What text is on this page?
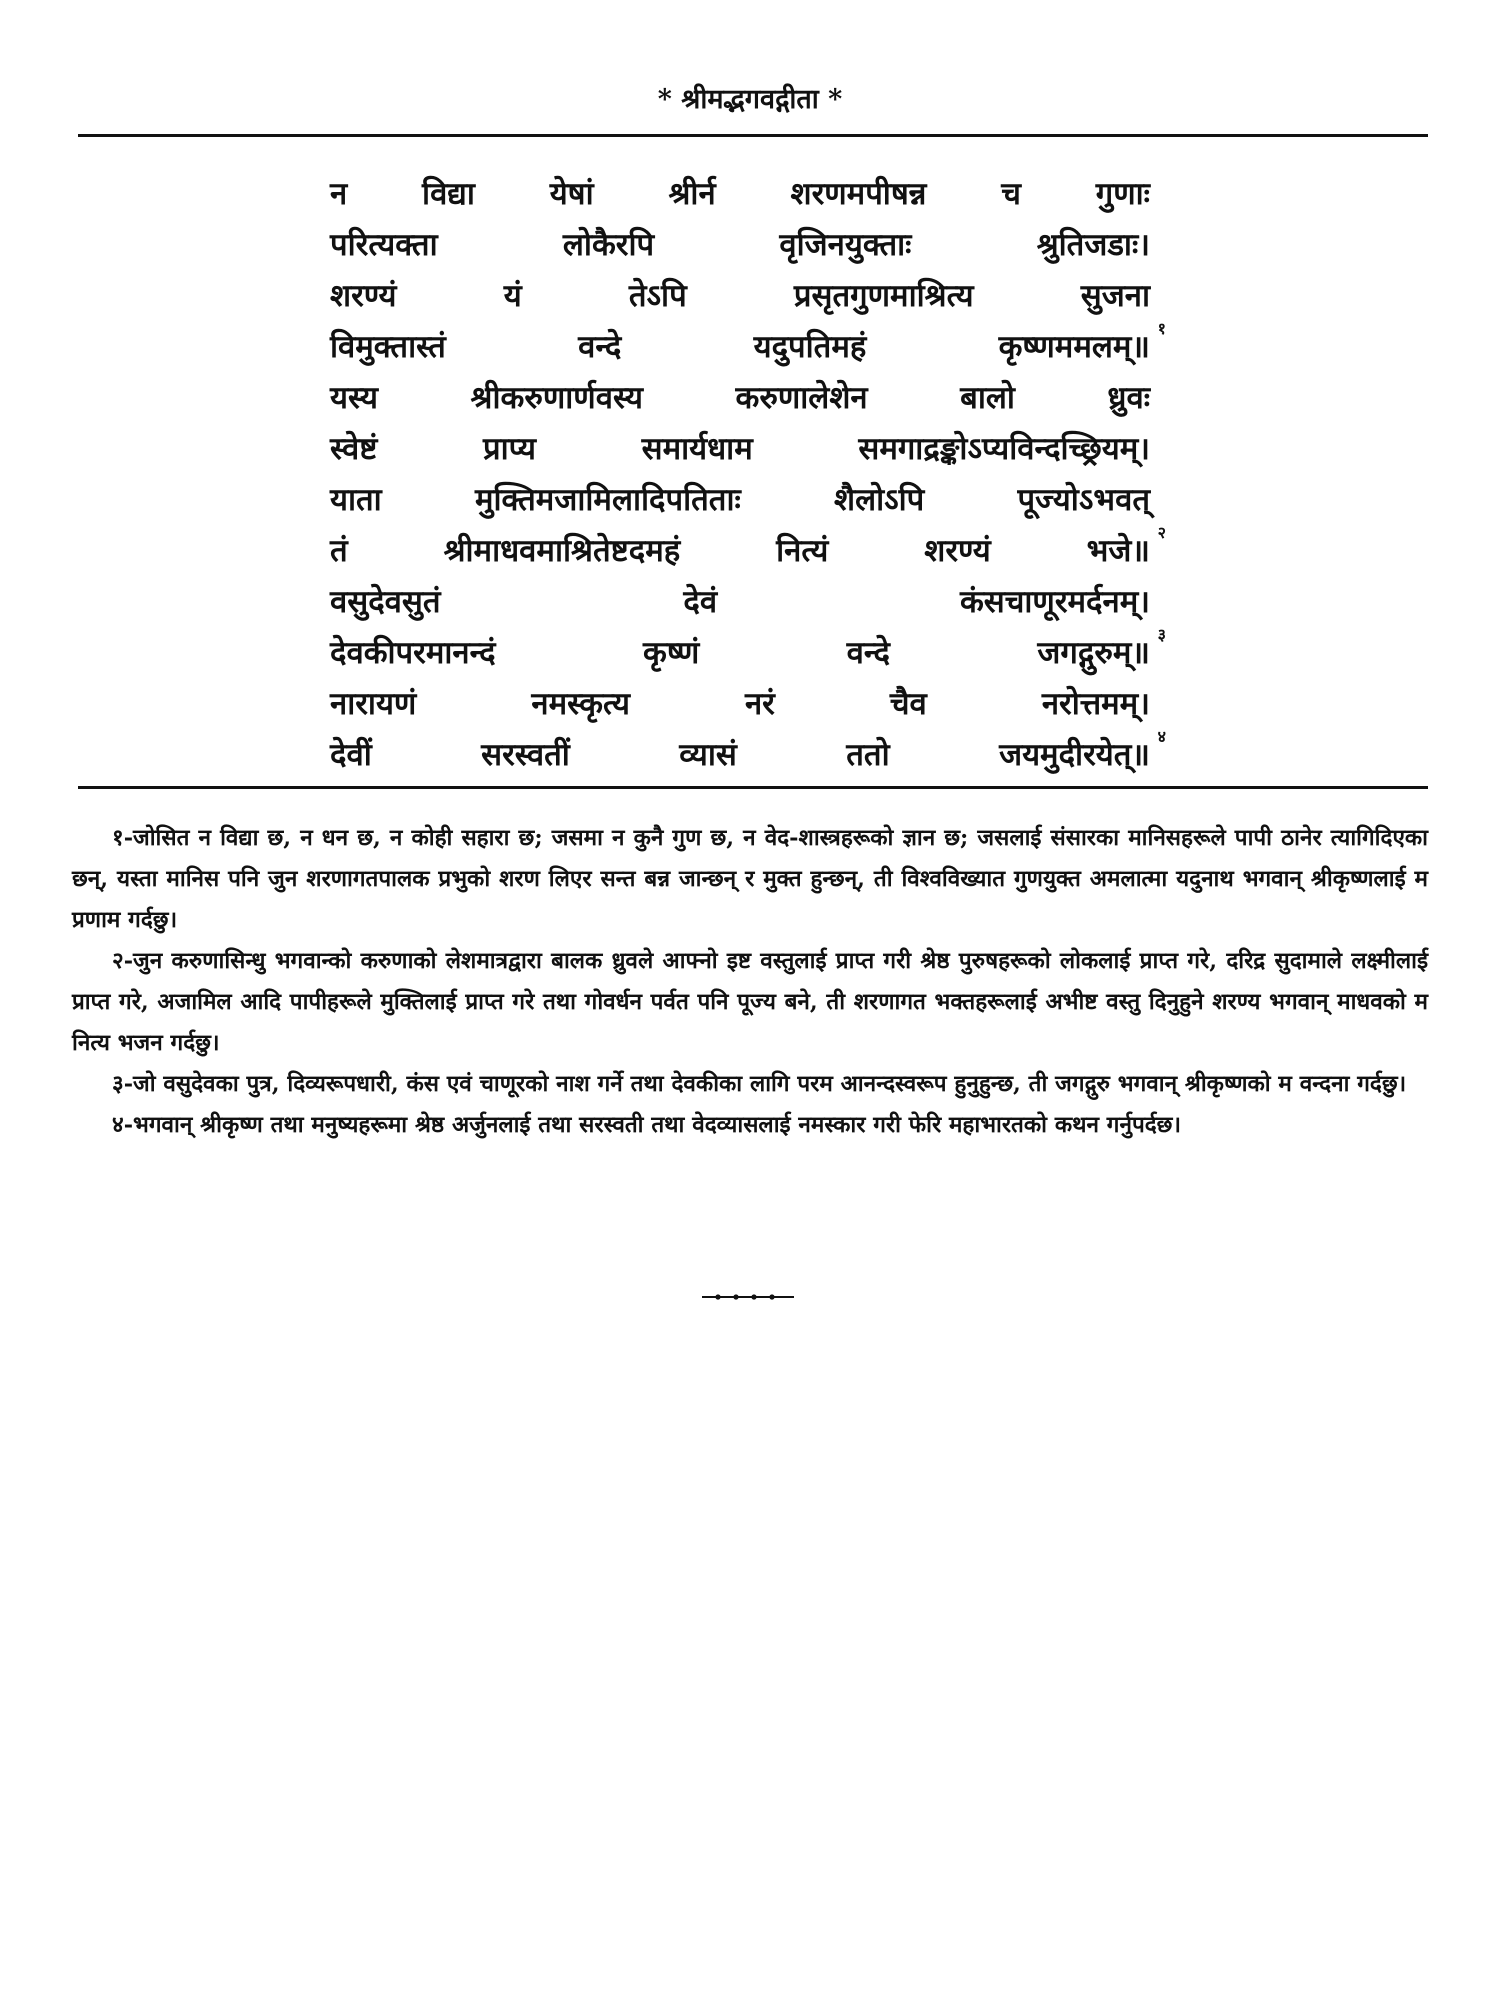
* श्रीमद्भगवद्गीता *
न विद्या येषां श्रीर्न शरणमपीषन्न च गुणाः
परित्यक्ता	लोकैरपि	वृजिनयुक्ताः	श्रुतिजडाः।
शरण्यं	यं	तेऽपि	प्रसृतगुणमाश्रित्य	सुजना
विमुक्तास्तं	वन्दे	यदुपतिमहं	कृष्णममलम्॥ १
यस्य	श्रीकरुणार्णवस्य	करुणालेशेन	बालो	ध्रुवः
स्वेष्टं	प्राप्य	समार्यधाम	समगाद्रङ्कोऽप्यविन्दच्छ्रियम्।
याता	मुक्तिमजामिलादिपतिताः	शैलोऽपि	पूज्योऽभवत्
तं	श्रीमाधवमाश्रितेष्टदमहं	नित्यं	शरण्यं	भजे॥ २
वसुदेवसुतं	देवं	कंसचाणूरमर्दनम्।
देवकीपरमानन्दं	कृष्णं	वन्दे	जगद्गुरुम्॥ ३
नारायणं	नमस्कृत्य	नरं	चैव	नरोत्तमम्।
देवीं	सरस्वतीं	व्यासं	ततो	जयमुदीरयेत्॥ ४

१-जोसित न विद्या छ, न धन छ, न कोही सहारा छ; जसमा न कुनै गुण छ, न वेद-शास्त्रहरूको ज्ञान छ; जसलाई संसारका मानिसहरूले पापी ठानेर त्यागिदिएका छन्, यस्ता मानिस पनि जुन शरणागतपालक प्रभुको शरण लिएर सन्त बन्न जान्छन् र मुक्त हुन्छन्, ती विश्वविख्यात गुणयुक्त अमलात्मा यदुनाथ भगवान् श्रीकृष्णलाई म प्रणाम गर्दछु।

२-जुन करुणासिन्धु भगवान्को करुणाको लेशमात्रद्वारा बालक ध्रुवले आफ्नो इष्ट वस्तुलाई प्राप्त गरी श्रेष्ठ पुरुषहरूको लोकलाई प्राप्त गरे, दरिद्र सुदामाले लक्ष्मीलाई प्राप्त गरे, अजामिल आदि पापीहरूले मुक्तिलाई प्राप्त गरे तथा गोवर्धन पर्वत पनि पूज्य बने, ती शरणागत भक्तहरूलाई अभीष्ट वस्तु दिनुहुने शरण्य भगवान् माधवको म नित्य भजन गर्दछु।

३-जो वसुदेवका पुत्र, दिव्यरूपधारी, कंस एवं चाणूरको नाश गर्ने तथा देवकीका लागि परम आनन्दस्वरूप हुनुहुन्छ, ती जगद्गुरु भगवान् श्रीकृष्णको म वन्दना गर्दछु।

४-भगवान् श्रीकृष्ण तथा मनुष्यहरूमा श्रेष्ठ अर्जुनलाई तथा सरस्वती तथा वेदव्यासलाई नमस्कार गरी फेरि महाभारतको कथन गर्नुपर्दछ।
